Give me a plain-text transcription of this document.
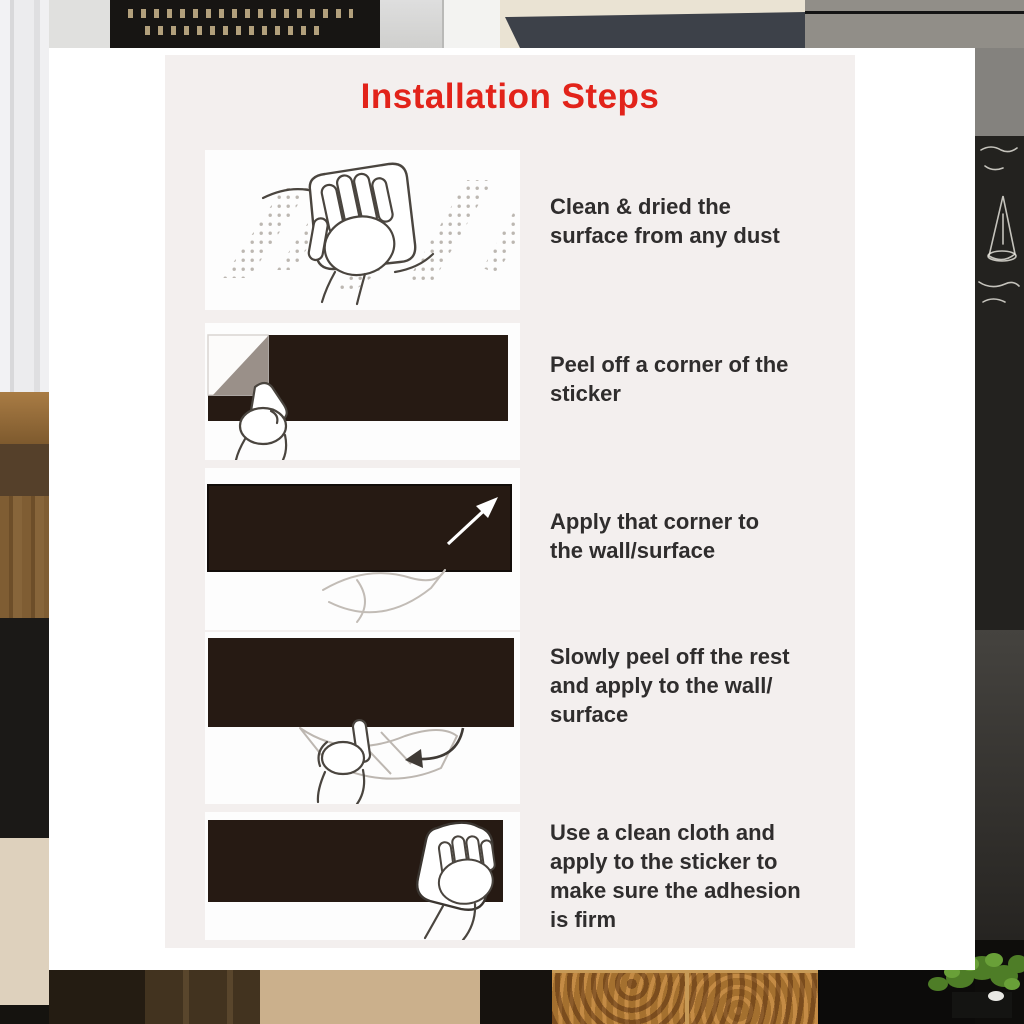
Installation Steps
Clean & dried the
surface from any dust
Peel off a corner of the
sticker
Apply that corner to
the wall/surface
Slowly peel off the rest
and apply to the wall/
surface
Use a clean cloth and
apply to the sticker to
make sure the adhesion
is firm
